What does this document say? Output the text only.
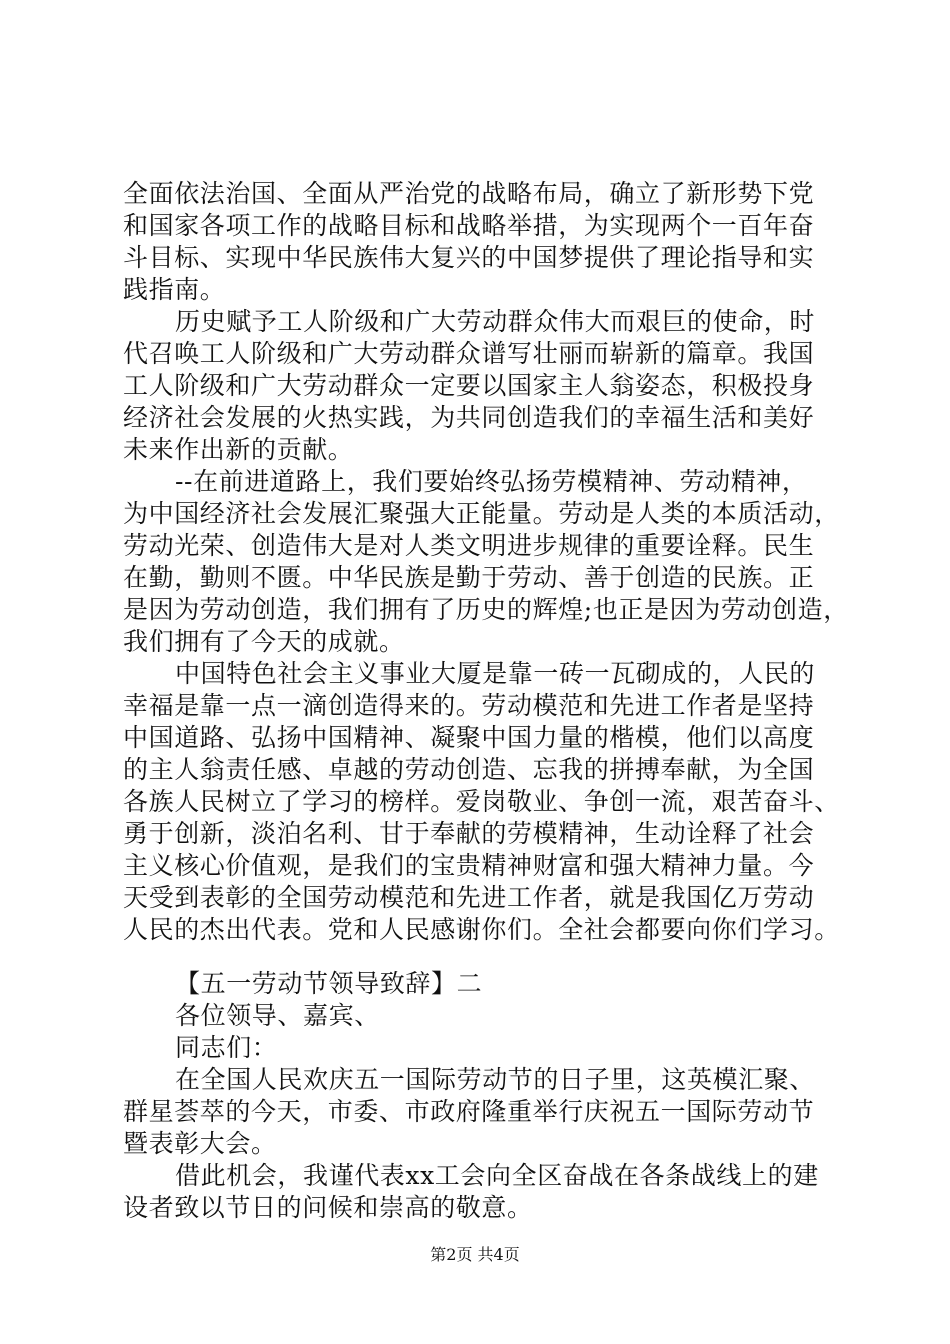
全面依法治国、全面从严治党的战略布局，确立了新形势下党
和国家各项工作的战略目标和战略举措，为实现两个一百年奋
斗目标、实现中华民族伟大复兴的中国梦提供了理论指导和实
践指南。
历史赋予工人阶级和广大劳动群众伟大而艰巨的使命，时
代召唤工人阶级和广大劳动群众谱写壮丽而崭新的篇章。我国
工人阶级和广大劳动群众一定要以国家主人翁姿态，积极投身
经济社会发展的火热实践，为共同创造我们的幸福生活和美好
未来作出新的贡献。
--在前进道路上，我们要始终弘扬劳模精神、劳动精神，
为中国经济社会发展汇聚强大正能量。劳动是人类的本质活动，
劳动光荣、创造伟大是对人类文明进步规律的重要诠释。民生
在勤，勤则不匮。中华民族是勤于劳动、善于创造的民族。正
是因为劳动创造，我们拥有了历史的辉煌;也正是因为劳动创造，
我们拥有了今天的成就。
中国特色社会主义事业大厦是靠一砖一瓦砌成的，人民的
幸福是靠一点一滴创造得来的。劳动模范和先进工作者是坚持
中国道路、弘扬中国精神、凝聚中国力量的楷模，他们以高度
的主人翁责任感、卓越的劳动创造、忘我的拼搏奉献，为全国
各族人民树立了学习的榜样。爱岗敬业、争创一流，艰苦奋斗、
勇于创新，淡泊名利、甘于奉献的劳模精神，生动诠释了社会
主义核心价值观，是我们的宝贵精神财富和强大精神力量。今
天受到表彰的全国劳动模范和先进工作者，就是我国亿万劳动
人民的杰出代表。党和人民感谢你们。全社会都要向你们学习。
【五一劳动节领导致辞】二
各位领导、嘉宾、
同志们：
在全国人民欢庆五一国际劳动节的日子里，这英模汇聚、
群星荟萃的今天，市委、市政府隆重举行庆祝五一国际劳动节
暨表彰大会。
借此机会，我谨代表xx工会向全区奋战在各条战线上的建
设者致以节日的问候和崇高的敬意。
第2页 共4页
